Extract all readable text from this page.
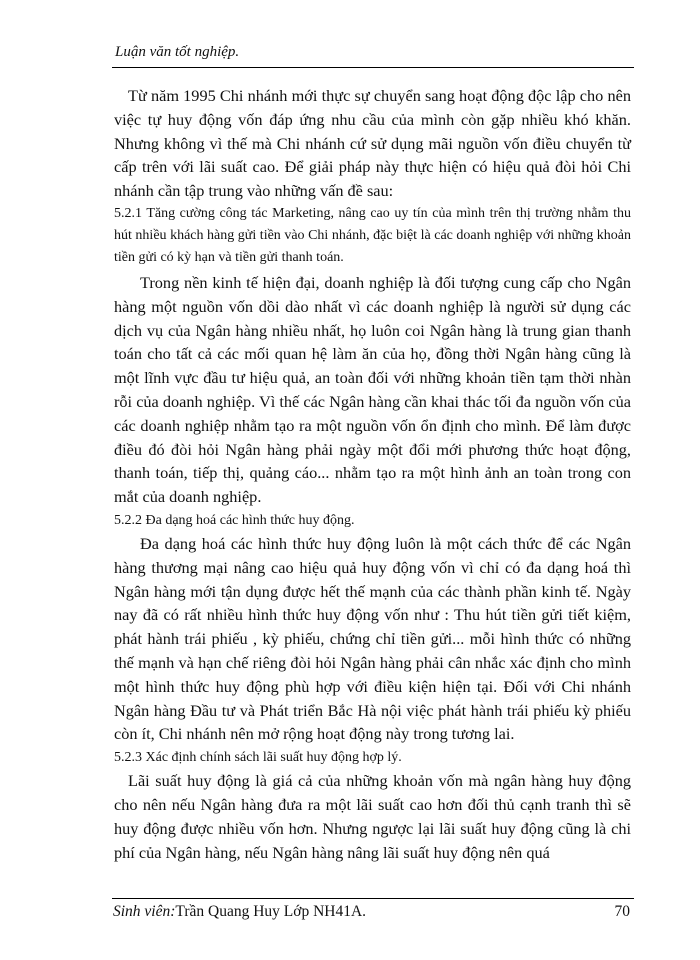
Luận văn tốt nghiệp.

Từ năm 1995 Chi nhánh mới thực sự chuyển sang hoạt động độc lập cho nên việc tự huy động vốn đáp ứng nhu cầu của mình còn gặp nhiều khó khăn. Nhưng không vì thế mà Chi nhánh cứ sử dụng mãi nguồn vốn điều chuyển từ cấp trên với lãi suất cao. Để giải pháp này thực hiện có hiệu quả đòi hỏi Chi nhánh cần tập trung vào những vấn đề sau:

5.2.1 Tăng cường công tác Marketing, nâng cao uy tín của mình trên thị trường nhằm thu hút nhiều khách hàng gửi tiền vào Chi nhánh, đặc biệt là các doanh nghiệp với những khoản tiền gửi có kỳ hạn và tiền gửi thanh toán.

Trong nền kinh tế hiện đại, doanh nghiệp là đối tượng cung cấp cho Ngân hàng một nguồn vốn dồi dào nhất vì các doanh nghiệp là người sử dụng các dịch vụ của Ngân hàng nhiều nhất, họ luôn coi Ngân hàng là trung gian thanh toán cho tất cả các mối quan hệ làm ăn của họ, đồng thời Ngân hàng cũng là một lĩnh vực đầu tư hiệu quả, an toàn đối với những khoản tiền tạm thời nhàn rỗi của doanh nghiệp. Vì thế các Ngân hàng cần khai thác tối đa nguồn vốn của các doanh nghiệp nhằm tạo ra một nguồn vốn ổn định cho mình. Để làm được điều đó đòi hỏi Ngân hàng phải ngày một đổi mới phương thức hoạt động, thanh toán, tiếp thị, quảng cáo... nhằm tạo ra một hình ảnh an toàn trong con mắt của doanh nghiệp.

5.2.2 Đa dạng hoá các hình thức huy động.

Đa dạng hoá các hình thức huy động luôn là một cách thức để các Ngân hàng thương mại nâng cao hiệu quả huy động vốn vì chỉ có đa dạng hoá thì Ngân hàng mới tận dụng được hết thế mạnh của các thành phần kinh tế. Ngày nay đã có rất nhiều hình thức huy động vốn như : Thu hút tiền gửi tiết kiệm, phát hành trái phiếu , kỳ phiếu, chứng chỉ tiền gửi... mỗi hình thức có những thế mạnh và hạn chế riêng đòi hỏi Ngân hàng phải cân nhắc xác định cho mình một hình thức huy động phù hợp với điều kiện hiện tại. Đối với Chi nhánh Ngân hàng Đầu tư và Phát triển Bắc Hà nội việc phát hành trái phiếu kỳ phiếu còn ít, Chi nhánh nên mở rộng hoạt động này trong tương lai.

5.2.3 Xác định chính sách lãi suất huy động hợp lý.

Lãi suất huy động là giá cả của những khoản vốn mà ngân hàng huy động cho nên nếu Ngân hàng đưa ra một lãi suất cao hơn đối thủ cạnh tranh thì sẽ huy động được nhiều vốn hơn. Nhưng ngược lại lãi suất huy động cũng là chi phí của Ngân hàng, nếu Ngân hàng nâng lãi suất huy động nên quá

Sinh viên:Trần Quang Huy Lớp NH41A.	70
